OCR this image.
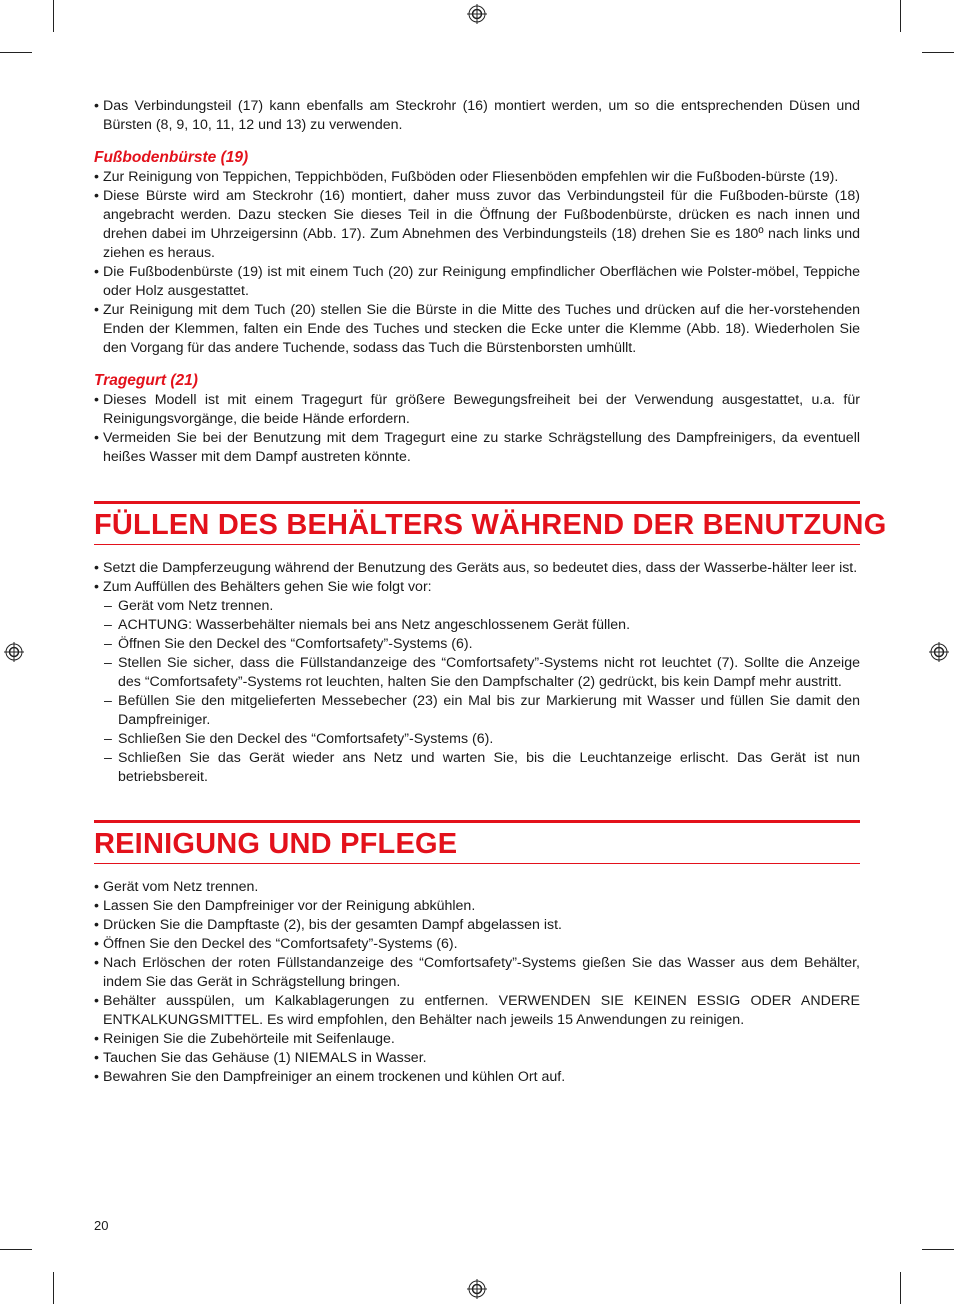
• Das Verbindungsteil (17) kann ebenfalls am Steckrohr (16) montiert werden, um so die entsprechenden Düsen und Bürsten (8, 9, 10, 11, 12 und 13) zu verwenden.
Fußbodenbürste (19)
• Zur Reinigung von Teppichen, Teppichböden, Fußböden oder Fliesenböden empfehlen wir die Fußboden-bürste (19).
• Diese Bürste wird am Steckrohr (16) montiert, daher muss zuvor das Verbindungsteil für die Fußboden-bürste (18) angebracht werden. Dazu stecken Sie dieses Teil in die Öffnung der Fußbodenbürste, drücken es nach innen und drehen dabei im Uhrzeigersinn (Abb. 17). Zum Abnehmen des Verbindungsteils (18) drehen Sie es 180º nach links und ziehen es heraus.
• Die Fußbodenbürste (19) ist mit einem Tuch (20) zur Reinigung empfindlicher Oberflächen wie Polster-möbel, Teppiche oder Holz ausgestattet.
• Zur Reinigung mit dem Tuch (20) stellen Sie die Bürste in die Mitte des Tuches und drücken auf die her-vorstehenden Enden der Klemmen, falten ein Ende des Tuches und stecken die Ecke unter die Klemme (Abb. 18). Wiederholen Sie den Vorgang für das andere Tuchende, sodass das Tuch die Bürstenborsten umhüllt.
Tragegurt (21)
• Dieses Modell ist mit einem Tragegurt für größere Bewegungsfreiheit bei der Verwendung ausgestattet, u.a. für Reinigungsvorgänge, die beide Hände erfordern.
• Vermeiden Sie bei der Benutzung mit dem Tragegurt eine zu starke Schrägstellung des Dampfreinigers, da eventuell heißes Wasser mit dem Dampf austreten könnte.
FÜLLEN DES BEHÄLTERS WÄHREND DER BENUTZUNG
• Setzt die Dampferzeugung während der Benutzung des Geräts aus, so bedeutet dies, dass der Wasserbe-hälter leer ist.
• Zum Auffüllen des Behälters gehen Sie wie folgt vor:
– Gerät vom Netz trennen.
– ACHTUNG: Wasserbehälter niemals bei ans Netz angeschlossenem Gerät füllen.
– Öffnen Sie den Deckel des “Comfortsafety”-Systems (6).
– Stellen Sie sicher, dass die Füllstandanzeige des “Comfortsafety”-Systems nicht rot leuchtet (7). Sollte die Anzeige des “Comfortsafety”-Systems rot leuchten, halten Sie den Dampfschalter (2) gedrückt, bis kein Dampf mehr austritt.
– Befüllen Sie den mitgelieferten Messebecher (23) ein Mal bis zur Markierung mit Wasser und füllen Sie damit den Dampfreiniger.
– Schließen Sie den Deckel des “Comfortsafety”-Systems (6).
– Schließen Sie das Gerät wieder ans Netz und warten Sie, bis die Leuchtanzeige erlischt. Das Gerät ist nun betriebsbereit.
REINIGUNG UND PFLEGE
• Gerät vom Netz trennen.
• Lassen Sie den Dampfreiniger vor der Reinigung abkühlen.
• Drücken Sie die Dampftaste (2), bis der gesamten Dampf abgelassen ist.
• Öffnen Sie den Deckel des “Comfortsafety”-Systems (6).
• Nach Erlöschen der roten Füllstandanzeige des “Comfortsafety”-Systems gießen Sie das Wasser aus dem Behälter, indem Sie das Gerät in Schrägstellung bringen.
• Behälter ausspülen, um Kalkablagerungen zu entfernen. VERWENDEN SIE KEINEN ESSIG ODER ANDERE ENTKALKUNGSMITTEL. Es wird empfohlen, den Behälter nach jeweils 15 Anwendungen zu reinigen.
• Reinigen Sie die Zubehörteile mit Seifenlauge.
• Tauchen Sie das Gehäuse (1) NIEMALS in Wasser.
• Bewahren Sie den Dampfreiniger an einem trockenen und kühlen Ort auf.
20
